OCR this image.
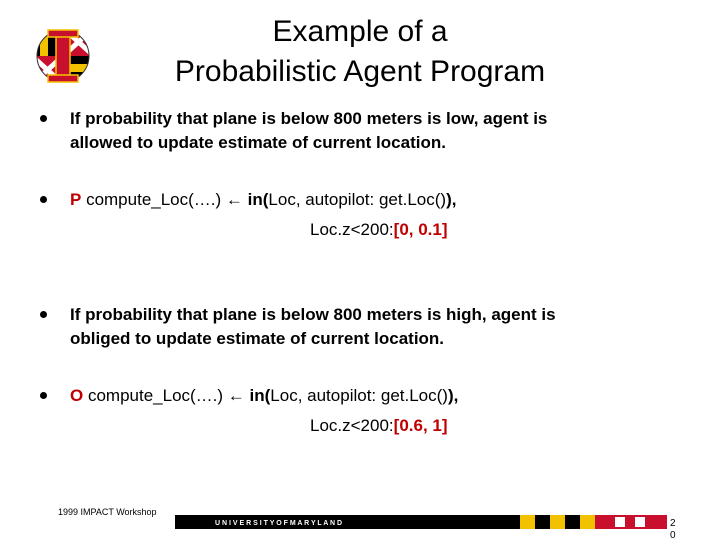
Example of a
Probabilistic Agent Program
If probability that plane is below 800 meters is low, agent is
allowed to update estimate of current location.
P compute_Loc(….) ← in(Loc, autopilot: get.Loc()),
Loc.z<200:[0, 0.1]
If probability that plane is below 800 meters is high, agent is
obliged to update estimate of current location.
O compute_Loc(….) ← in(Loc, autopilot: get.Loc()),
Loc.z<200:[0.6, 1]
1999 IMPACT Workshop
U N I V E R S I T Y O F M A R Y L A N D	2
0
